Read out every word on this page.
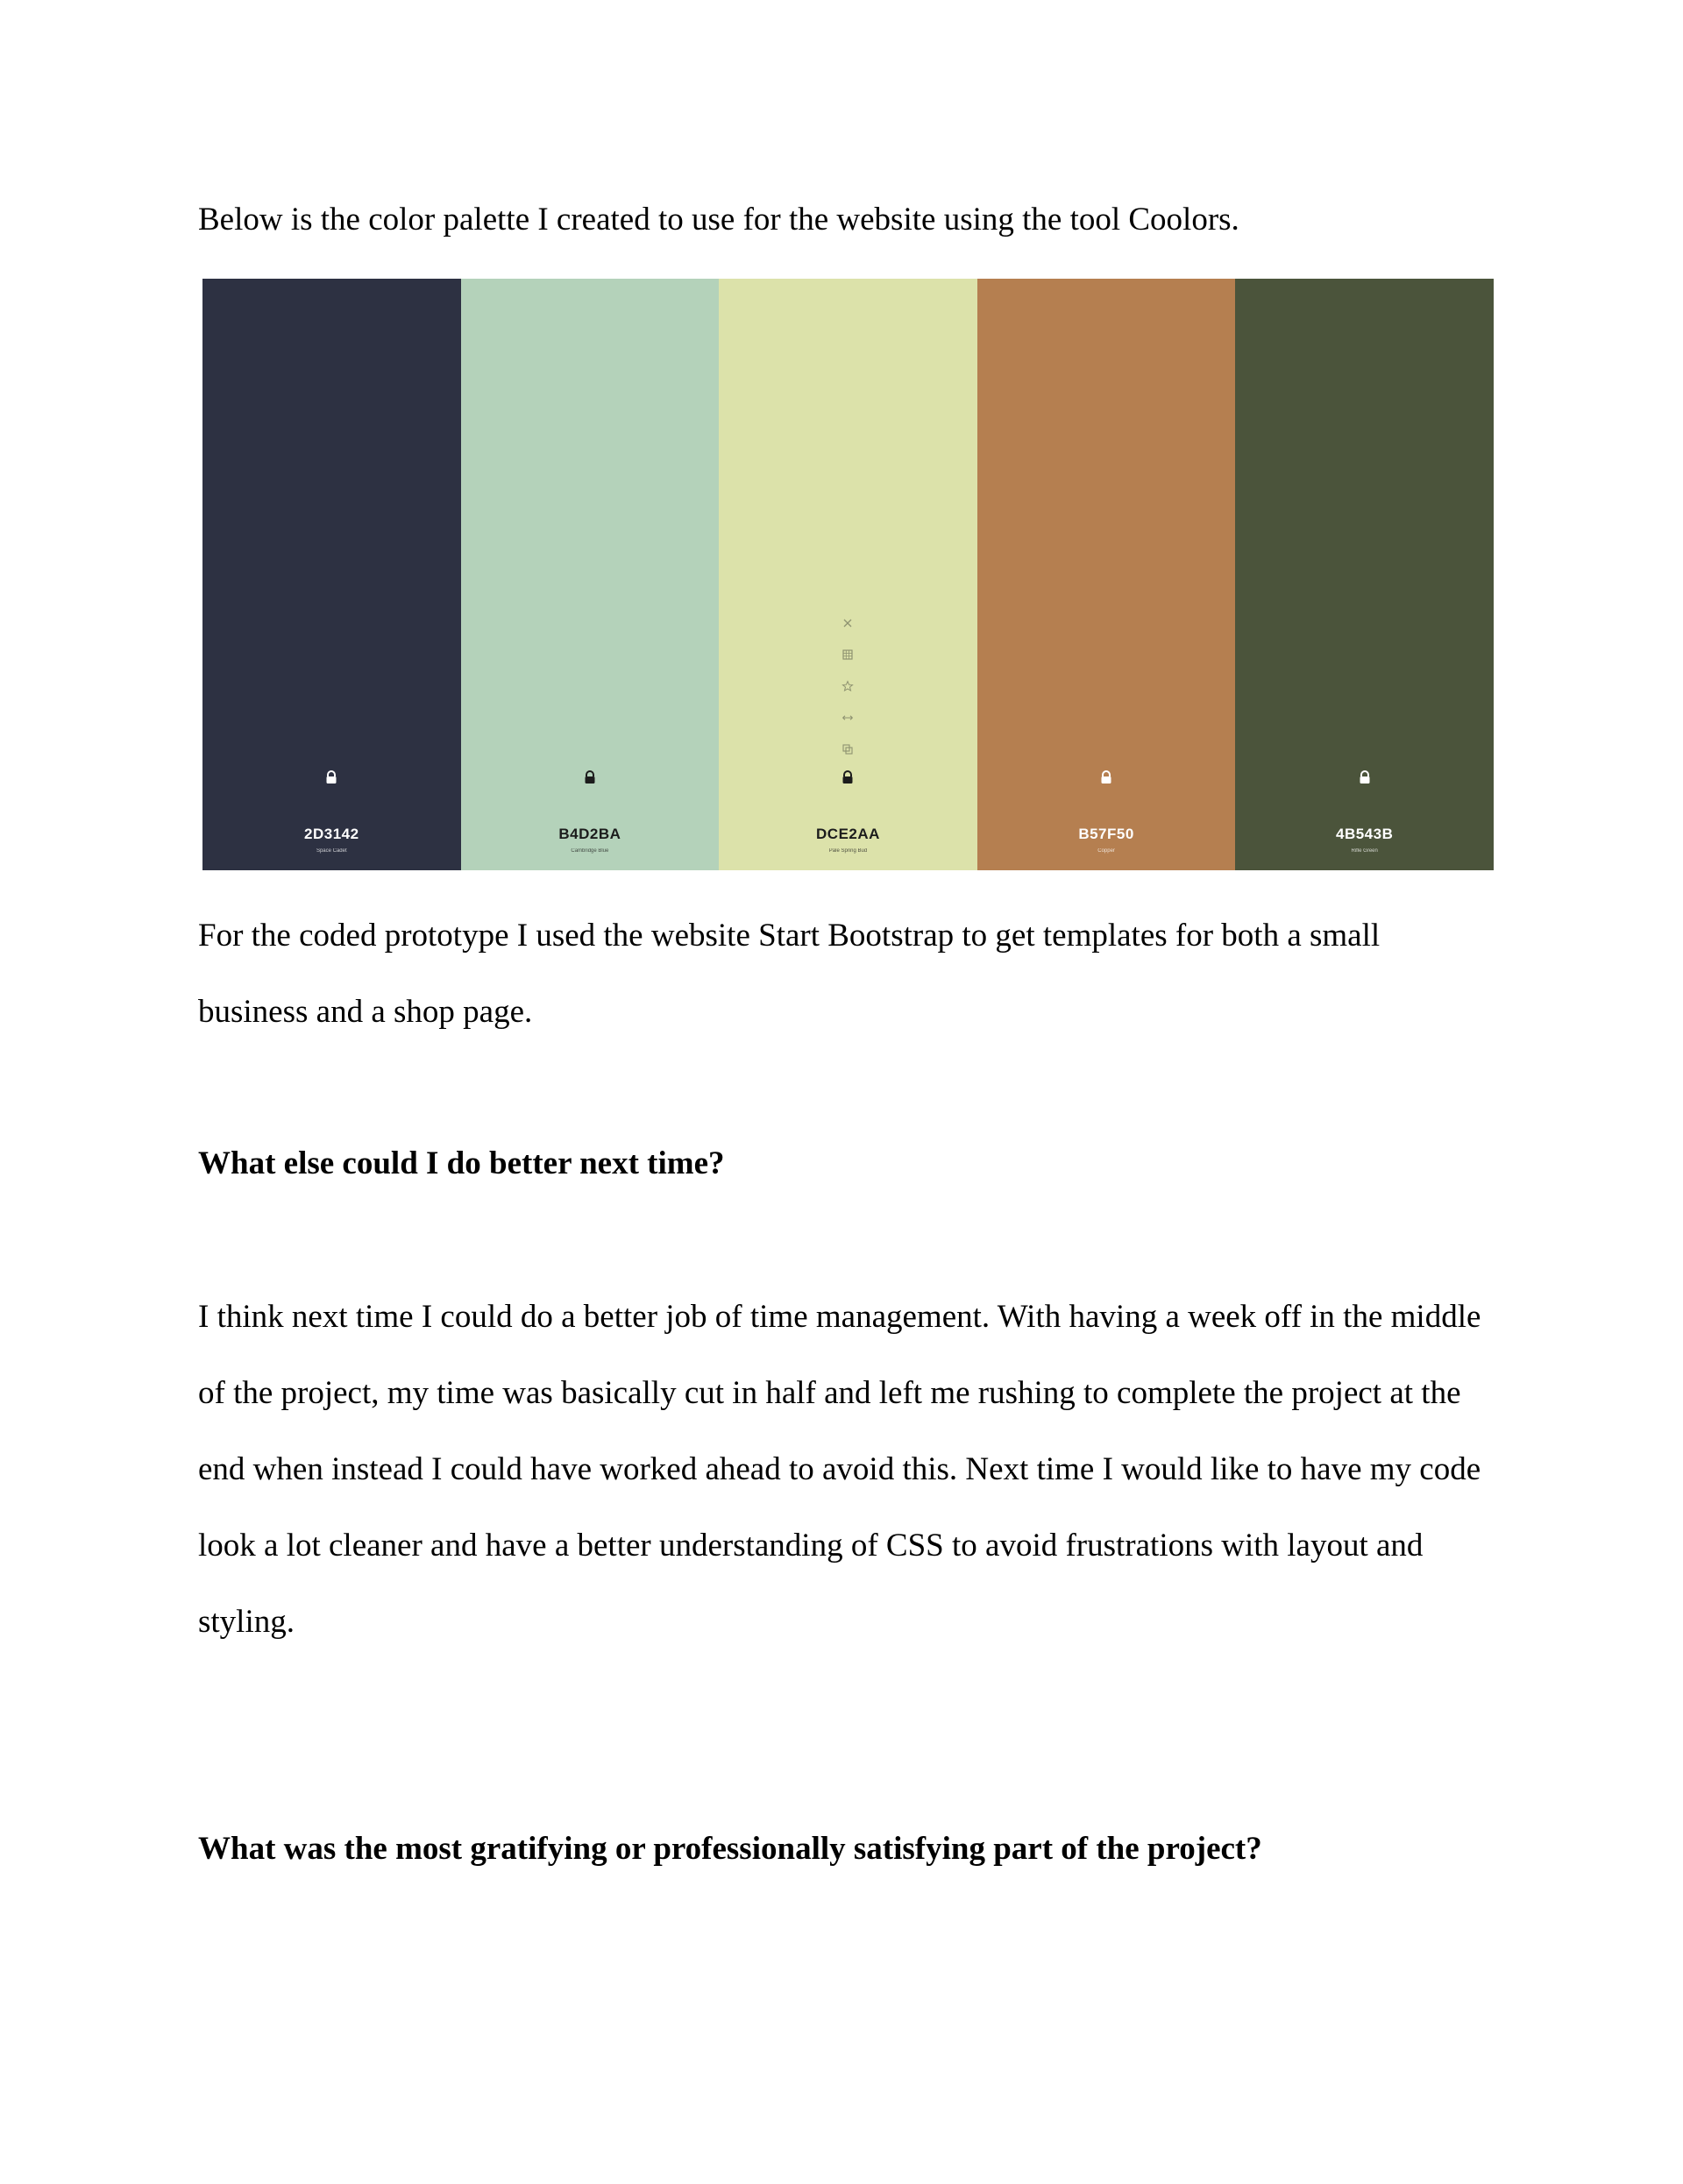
Below is the color palette I created to use for the website using the tool Coolors.

2D3142
Space Cadet
B4D2BA
Cambridge Blue
DCE2AA
Pale Spring Bud
B57F50
Copper
4B543B
Rifle Green

For the coded prototype I used the website Start Bootstrap to get templates for both a small business and a shop page.

What else could I do better next time?

I think next time I could do a better job of time management. With having a week off in the middle of the project, my time was basically cut in half and left me rushing to complete the project at the end when instead I could have worked ahead to avoid this. Next time I would like to have my code look a lot cleaner and have a better understanding of CSS to avoid frustrations with layout and styling.

What was the most gratifying or professionally satisfying part of the project?
